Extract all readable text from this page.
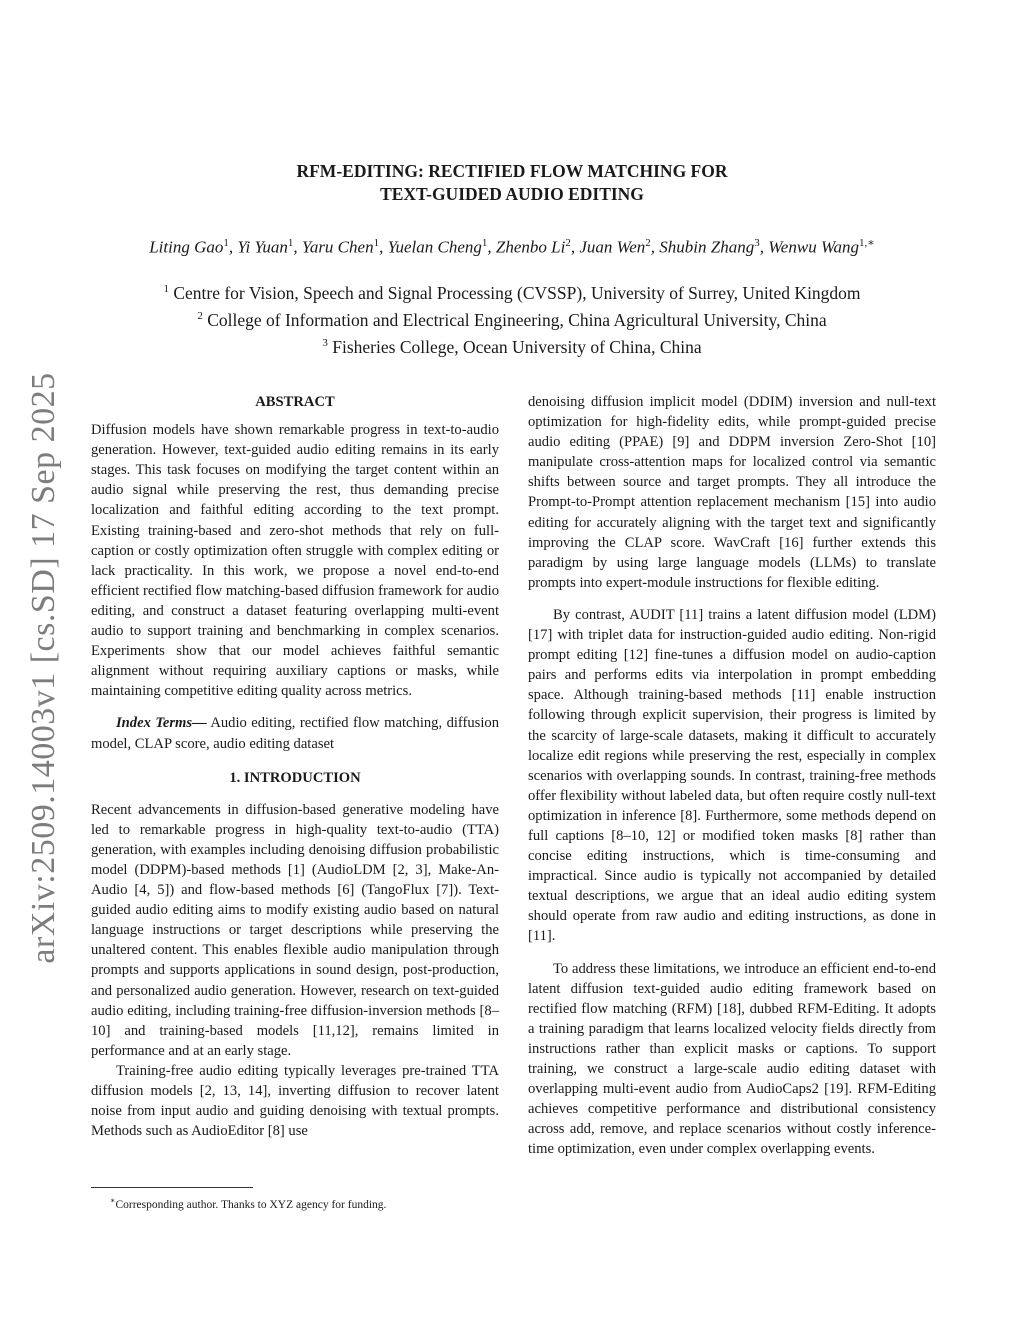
arXiv:2509.14003v1 [cs.SD] 17 Sep 2025
RFM-EDITING: RECTIFIED FLOW MATCHING FOR
TEXT-GUIDED AUDIO EDITING
Liting Gao$^1$, Yi Yuan$^1$, Yaru Chen$^1$, Yuelan Cheng$^1$, Zhenbo Li$^2$, Juan Wen$^2$, Shubin Zhang$^3$, Wenwu Wang$^{1,∗}$
$^1$ Centre for Vision, Speech and Signal Processing (CVSSP), University of Surrey, United Kingdom
$^2$ College of Information and Electrical Engineering, China Agricultural University, China
$^3$ Fisheries College, Ocean University of China, China
ABSTRACT

Diffusion models have shown remarkable progress in text-to-audio generation. However, text-guided audio editing remains in its early stages. This task focuses on modifying the target content within an audio signal while preserving the rest, thus demanding precise localization and faithful editing according to the text prompt. Existing training-based and zero-shot methods that rely on full-caption or costly optimization often struggle with complex editing or lack practicality. In this work, we propose a novel end-to-end efficient rectified flow matching-based diffusion framework for audio editing, and construct a dataset featuring overlapping multi-event audio to support training and benchmarking in complex scenarios. Experiments show that our model achieves faithful semantic alignment without requiring auxiliary captions or masks, while maintaining competitive editing quality across metrics.

Index Terms— Audio editing, rectified flow matching, diffusion model, CLAP score, audio editing dataset

1. INTRODUCTION

Recent advancements in diffusion-based generative modeling have led to remarkable progress in high-quality text-to-audio (TTA) generation, with examples including denoising diffusion probabilistic model (DDPM)-based methods [1] (AudioLDM [2, 3], Make-An-Audio [4, 5]) and flow-based methods [6] (TangoFlux [7]). Text-guided audio editing aims to modify existing audio based on natural language instructions or target descriptions while preserving the unaltered content. This enables flexible audio manipulation through prompts and supports applications in sound design, post-production, and personalized audio generation. However, research on text-guided audio editing, including training-free diffusion-inversion methods [8–10] and training-based models [11,12], remains limited in performance and at an early stage.

Training-free audio editing typically leverages pre-trained TTA diffusion models [2, 13, 14], inverting diffusion to recover latent noise from input audio and guiding denoising with textual prompts. Methods such as AudioEditor [8] use

denoising diffusion implicit model (DDIM) inversion and null-text optimization for high-fidelity edits, while prompt-guided precise audio editing (PPAE) [9] and DDPM inversion Zero-Shot [10] manipulate cross-attention maps for localized control via semantic shifts between source and target prompts. They all introduce the Prompt-to-Prompt attention replacement mechanism [15] into audio editing for accurately aligning with the target text and significantly improving the CLAP score. WavCraft [16] further extends this paradigm by using large language models (LLMs) to translate prompts into expert-module instructions for flexible editing.

By contrast, AUDIT [11] trains a latent diffusion model (LDM) [17] with triplet data for instruction-guided audio editing. Non-rigid prompt editing [12] fine-tunes a diffusion model on audio-caption pairs and performs edits via interpolation in prompt embedding space. Although training-based methods [11] enable instruction following through explicit supervision, their progress is limited by the scarcity of large-scale datasets, making it difficult to accurately localize edit regions while preserving the rest, especially in complex scenarios with overlapping sounds. In contrast, training-free methods offer flexibility without labeled data, but often require costly null-text optimization in inference [8]. Furthermore, some methods depend on full captions [8–10, 12] or modified token masks [8] rather than concise editing instructions, which is time-consuming and impractical. Since audio is typically not accompanied by detailed textual descriptions, we argue that an ideal audio editing system should operate from raw audio and editing instructions, as done in [11].

To address these limitations, we introduce an efficient end-to-end latent diffusion text-guided audio editing framework based on rectified flow matching (RFM) [18], dubbed RFM-Editing. It adopts a training paradigm that learns localized velocity fields directly from instructions rather than explicit masks or captions. To support training, we construct a large-scale audio editing dataset with overlapping multi-event audio from AudioCaps2 [19]. RFM-Editing achieves competitive performance and distributional consistency across add, remove, and replace scenarios without costly inference-time optimization, even under complex overlapping events.

∗Corresponding author. Thanks to XYZ agency for funding.
